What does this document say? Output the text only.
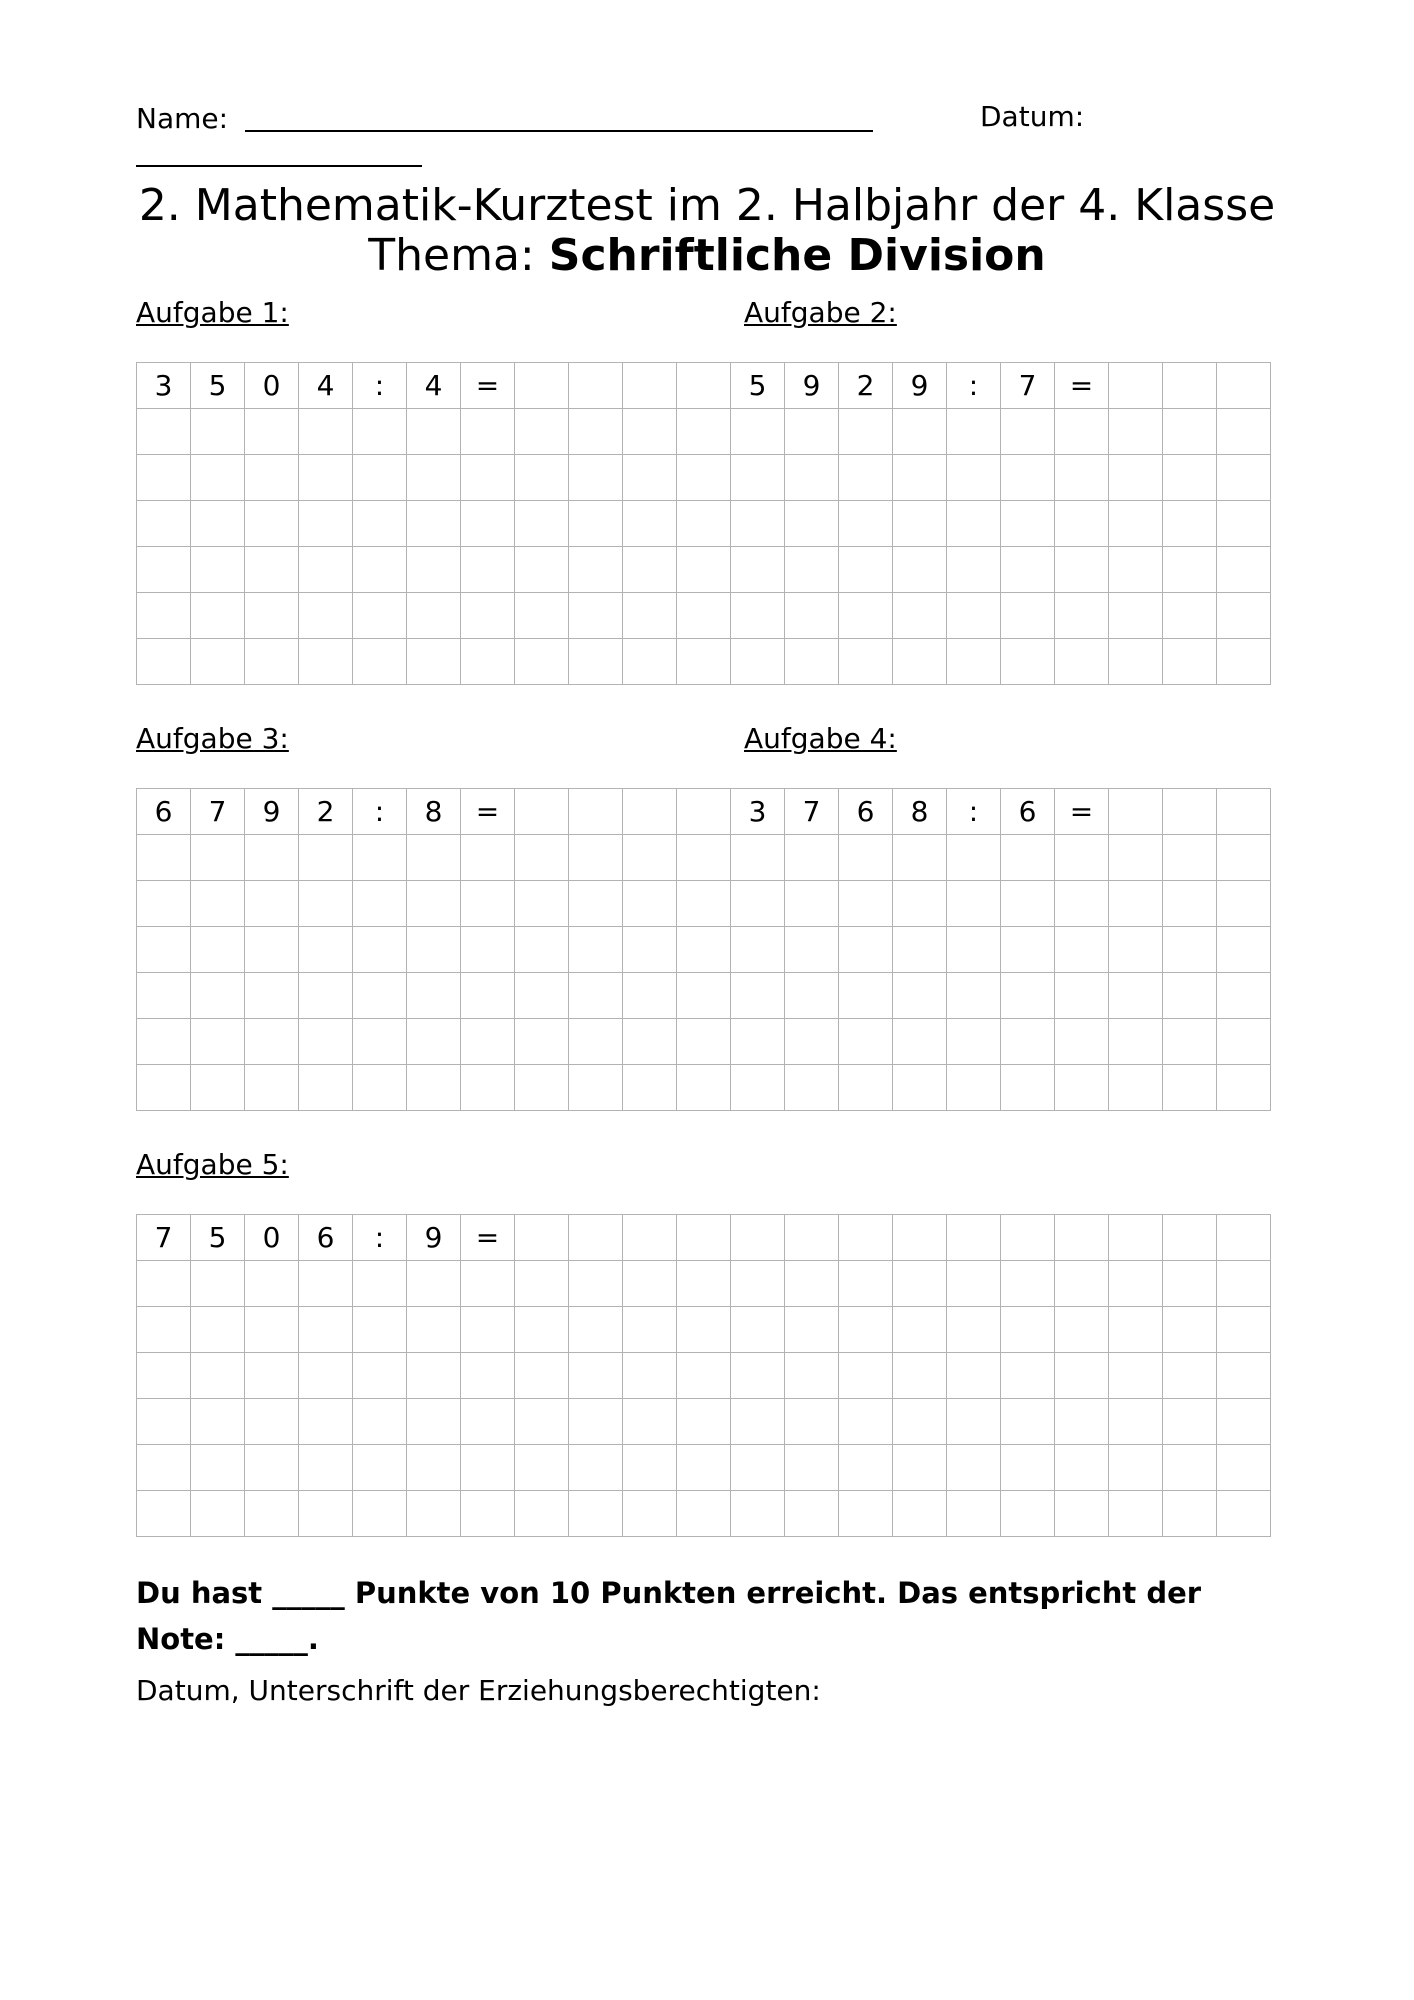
Name:	Datum:
2. Mathematik-Kurztest im 2. Halbjahr der 4. Klasse
Thema: Schriftliche Division
Aufgabe 1:	Aufgabe 2:
Aufgabe 3:	Aufgabe 4:
Aufgabe 5:
3	5	0	4	:	4	=					5	9	2	9	:	7	=			

6	7	9	2	:	8	=					3	7	6	8	:	6	=			

7	5	0	6	:	9	=														

Du hast _____ Punkte von 10 Punkten erreicht. Das entspricht der Note: _____.
Datum, Unterschrift der Erziehungsberechtigten:
